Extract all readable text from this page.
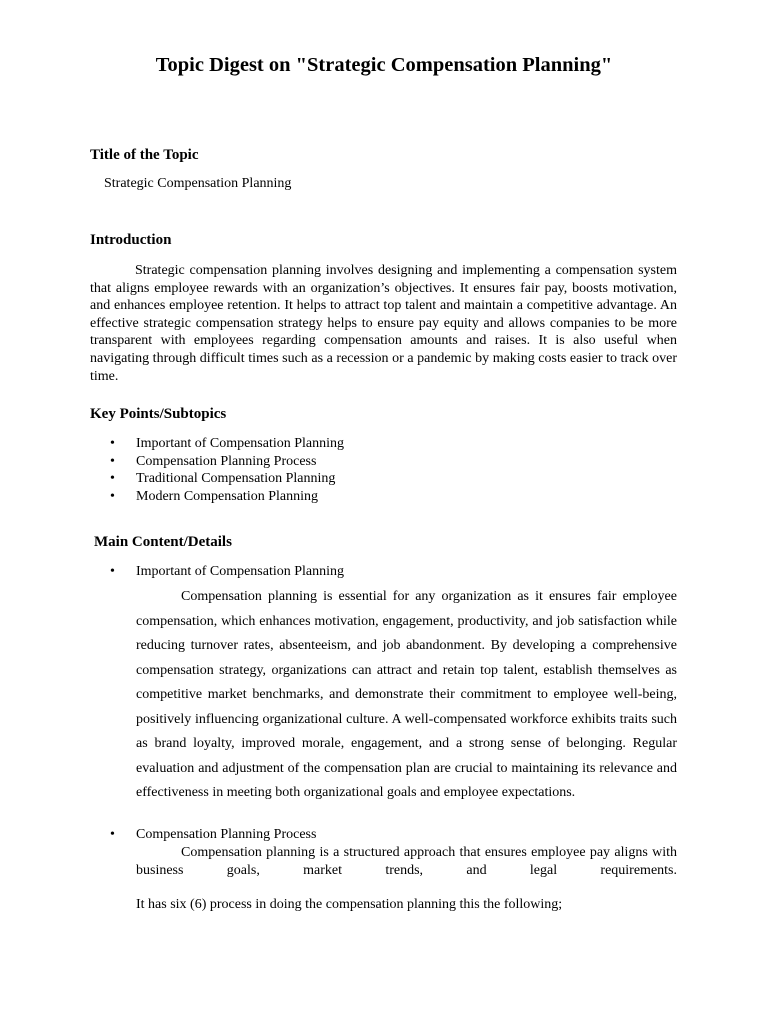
Topic Digest on "Strategic Compensation Planning"
Title of the Topic

Strategic Compensation Planning

Introduction

Strategic compensation planning involves designing and implementing a compensation system that aligns employee rewards with an organization’s objectives. It ensures fair pay, boosts motivation, and enhances employee retention. It helps to attract top talent and maintain a competitive advantage. An effective strategic compensation strategy helps to ensure pay equity and allows companies to be more transparent with employees regarding compensation amounts and raises. It is also useful when navigating through difficult times such as a recession or a pandemic by making costs easier to track over time.

Key Points/Subtopics
• Important of Compensation Planning
• Compensation Planning Process
• Traditional Compensation Planning
• Modern Compensation Planning
Main Content/Details
• Important of Compensation Planning

Compensation planning is essential for any organization as it ensures fair employee compensation, which enhances motivation, engagement, productivity, and job satisfaction while reducing turnover rates, absenteeism, and job abandonment. By developing a comprehensive compensation strategy, organizations can attract and retain top talent, establish themselves as competitive market benchmarks, and demonstrate their commitment to employee well-being, positively influencing organizational culture. A well-compensated workforce exhibits traits such as brand loyalty, improved morale, engagement, and a strong sense of belonging. Regular evaluation and adjustment of the compensation plan are crucial to maintaining its relevance and effectiveness in meeting both organizational goals and employee expectations.

• Compensation Planning Process

Compensation planning is a structured approach that ensures employee pay aligns with business goals, market trends, and legal requirements.

It has six (6) process in doing the compensation planning this the following;
